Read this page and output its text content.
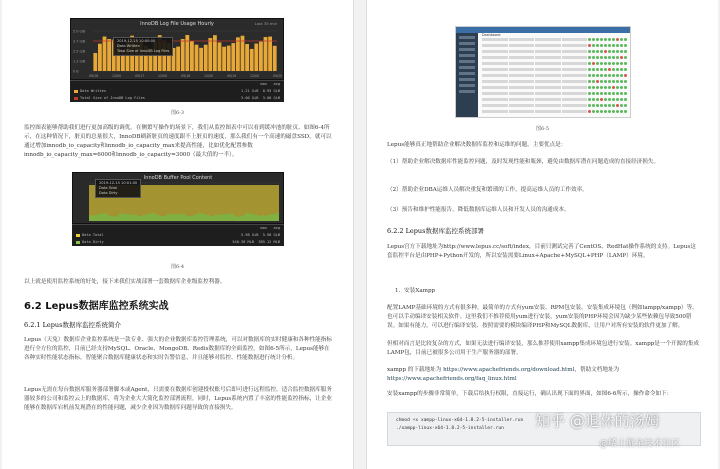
InnoDB Log File Usage Hourly	Last 35 min
5.0 GiB
3.7 GiB
2.5 GiB
1.2 GiB
0 B
09/16	12/00	09/17	12/00	09/18	12/00	09/19	12/00	09/20
2019-12-15 10:00:00
Data Written
Total Size of InnoDB Log Files
max avg
Data Written	1.21 GiB 0.95 GiB
Total Size of InnoDB Log Files	3.00 GiB 3.00 GiB
图6-3
监控图表能够帮助我们进行更加高级的调优。在侧繁写操作的场景下，我们从监控图表中可以看到缓冲池的脏页、如图6-4所示，在这种情况下，脏页的总量很大，InnoDB刷新脏页的速度跟不上脏页的速度，那么我们有一个高速的磁盘SSD，就可以通过增加innodb_io_capacity和innodb_io_capacity_max来提高性能，比如优化配置参数innodb_io_capacity_max=6000和innodb_io_capacity=3000（最大值的一半）。
InnoDB Buffer Pool Content
2019-12-15 10:01:00
Data Total
Data Dirty
max avg
Data Total	5.98 GiB 5.98 GiB
Data Dirty	540.38 MiB 389.12 MiB
图6-4
以上就是使用监控系统的好处，接下来我们实战部署一套数据库企业级监控利器。
6.2 Lepus数据库监控系统实战
6.2.1 Lepus数据库监控系统简介
Lepus（天兔）数据库企业监控系统是一款专业、强大的企业数据库监控管理系统，可以对数据库的实时健康和各种性能指标进行全方位的监控，目前已经支持MySQL、Oracle、MongoDB、Redis数据库的全面监控。如图6-5所示，Lepus能够在各种实时性能状态指标，智能聚合数据库健康状态和实时告警信息，并且能够对监控、性能数据进行统计分析。
Lepus无需在每台数据库服务器部署脚本或Agent，只需要在数据库创建授权账号后即可进行远程监控，适合监控数据库服务器较多的公司和监控云上的数据库，将为企业大大简化监控部署流程。同时，Lepus系统内置了丰富的性能监控指标，让企业能够在数据库宕机前发现潜在的性能问题，减少企业因为数据库问题导致的直接损失。
Dashboard
图6-5
Lepus能够真正地帮助企业解决数据库监控和运维的问题，主要优点是：
（1）帮助企业解决数据库性能监控问题，及时发现性能和瓶颈，避免由数据库潜在问题造成的直接经济损失。
（2）帮助企业DBA运维人员解决重复和繁琐的工作，提高运维人员的工作效率。
（3）预告和维护性能报告，降低数据库运维人员和开发人员的沟通成本。
6.2.2 Lepus数据库监控系统部署
Lepus官方下载地址为http://www.lepus.cc/soft/index，目前只测试完善了CentOS、RedHat操作系统的支持。Lepus这套监控平台是由PHP+Python开发的，所以安装需要Linux+Apache+MySQL+PHP（LAMP）环境。
1．安装Xampp
配置LAMP基础环境的方式有很多种，最简单的方式有yum安装、RPM包安装、安装集成环境包（例如lampp/xampp）等。也可以手动编译安装相关软件。这里我们不推荐使用yum进行安装，yum安装的PHP环境会因为缺少某些依赖包导致500错误。如果有能力，可以进行编译安装、按照需要的模块编译PHP和MySQL数据库，让用户对所有安装的软件更加了解。
但相对而言是比较复杂的方式，如果无法进行编译安装，那么推荐使用xampp集成环境包进行安装。xampp是一个开源的集成LAMP包，目前已被很多公司用于生产服务器的部署。
xampp 的下载地址为 https://www.apachefriends.org/download.html，帮助文档地址为 https://www.apachefriends.org/faq_linux.html
安装xampp的步骤非常简单，下载后给执行权限，直接运行，确认出现下面的界面，如图6-6所示，操作命令如下：
chmod +x xampp-linux-x64-1.8.2-5-installer.run
./xampp-linux-x64-1.8.2-5-installer.run	知乎 @退休的汤姆
@稀土掘金技术社区
